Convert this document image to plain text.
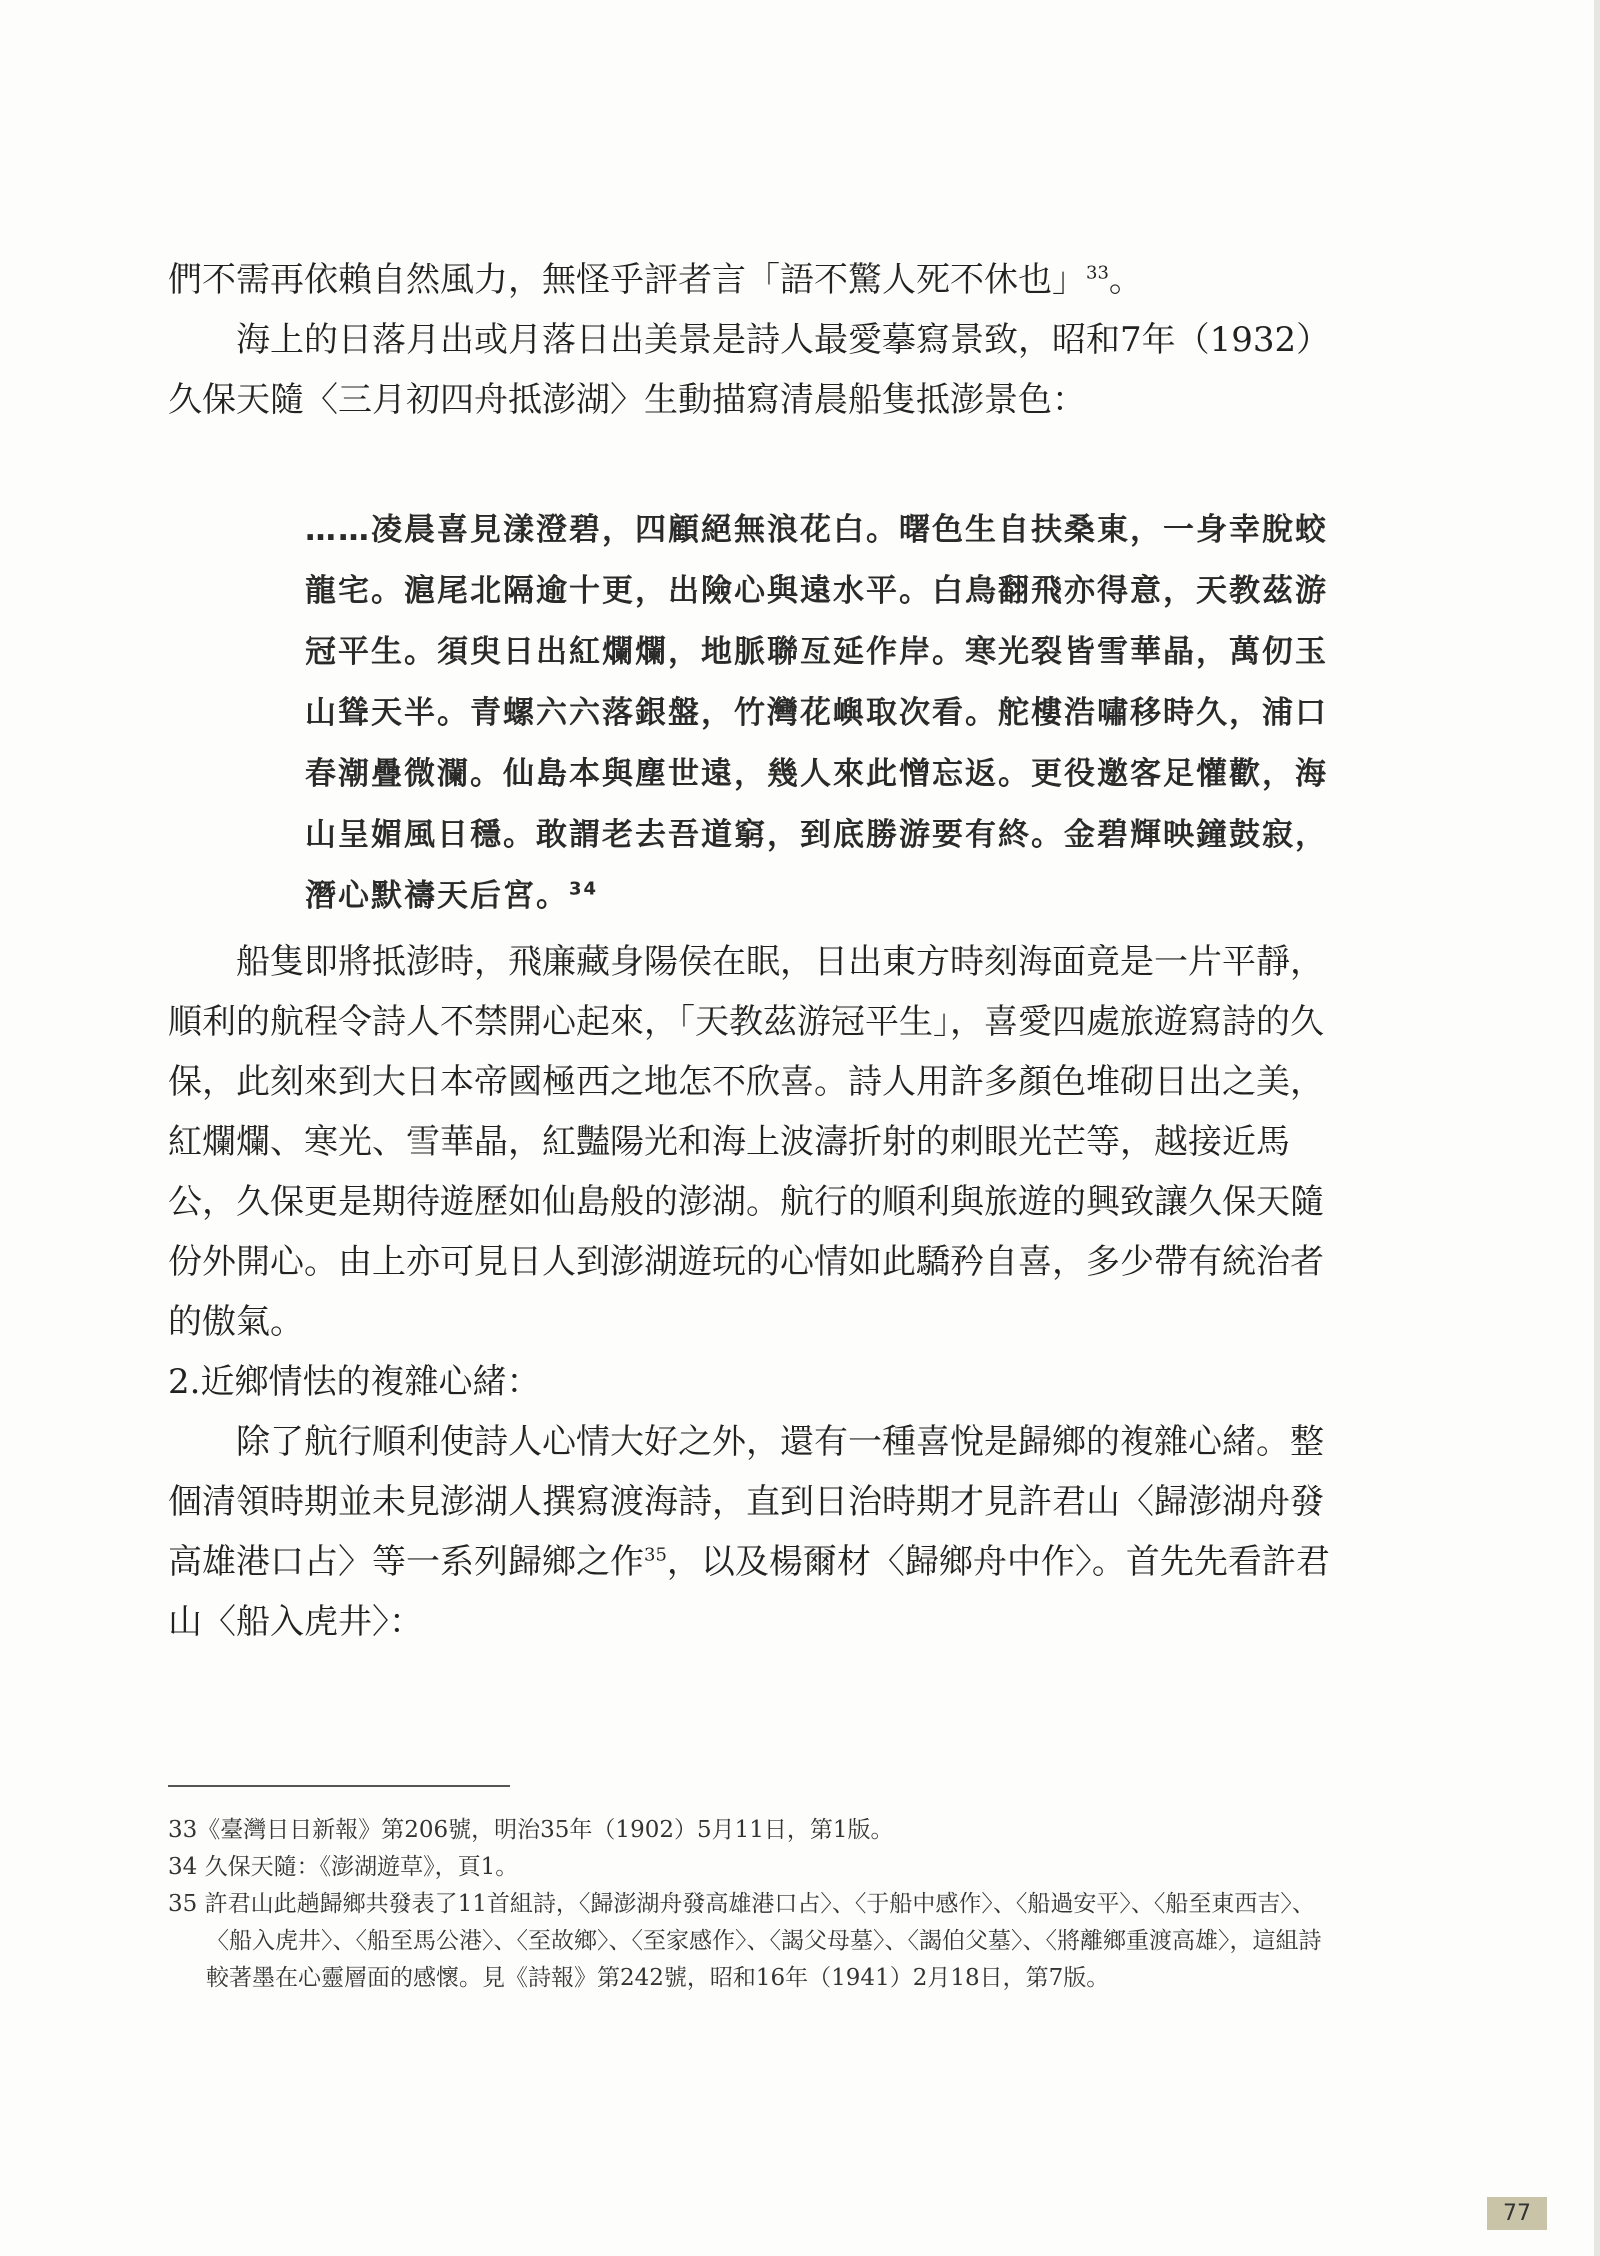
們不需再依賴自然風力，無怪乎評者言「語不驚人死不休也」$^{33}$。

海上的日落月出或月落日出美景是詩人最愛摹寫景致，昭和7年（1932）久保天隨〈三月初四舟抵澎湖〉生動描寫清晨船隻抵澎景色：

……凌晨喜見漾澄碧，四顧絕無浪花白。曙色生自扶桑東，一身幸脫蛟龍宅。滬尾北隔逾十更，出險心與遠水平。白鳥翻飛亦得意，天教茲游冠平生。須臾日出紅爛爛，地脈聯亙延作岸。寒光裂皆雪華晶，萬仞玉山聳天半。青螺六六落銀盤，竹灣花嶼取次看。舵樓浩嘯移時久，浦口春潮疊微瀾。仙島本與塵世遠，幾人來此憎忘返。更役邀客足懽歡，海山呈媚風日穩。敢謂老去吾道窮，到底勝游要有終。金碧輝映鐘鼓寂，潛心默禱天后宮。$^{34}$

船隻即將抵澎時，飛廉藏身陽侯在眠，日出東方時刻海面竟是一片平靜，順利的航程令詩人不禁開心起來，「天教茲游冠平生」，喜愛四處旅遊寫詩的久保，此刻來到大日本帝國極西之地怎不欣喜。詩人用許多顏色堆砌日出之美，紅爛爛、寒光、雪華晶，紅豔陽光和海上波濤折射的刺眼光芒等，越接近馬公，久保更是期待遊歷如仙島般的澎湖。航行的順利與旅遊的興致讓久保天隨份外開心。由上亦可見日人到澎湖遊玩的心情如此驕矜自喜，多少帶有統治者的傲氣。

2.近鄉情怯的複雜心緒：

除了航行順利使詩人心情大好之外，還有一種喜悅是歸鄉的複雜心緒。整個清領時期並未見澎湖人撰寫渡海詩，直到日治時期才見許君山〈歸澎湖舟發高雄港口占〉等一系列歸鄉之作$^{35}$，以及楊爾材〈歸鄉舟中作〉。首先先看許君山〈船入虎井〉：

33《臺灣日日新報》第206號，明治35年（1902）5月11日，第1版。

34 久保天隨：《澎湖遊草》，頁1。

35 許君山此趟歸鄉共發表了11首組詩，〈歸澎湖舟發高雄港口占〉、〈于船中感作〉、〈船過安平〉、〈船至東西吉〉、〈船入虎井〉、〈船至馬公港〉、〈至故鄉〉、〈至家感作〉、〈謁父母墓〉、〈謁伯父墓〉、〈將離鄉重渡高雄〉，這組詩較著墨在心靈層面的感懷。見《詩報》第242號，昭和16年（1941）2月18日，第7版。

77
